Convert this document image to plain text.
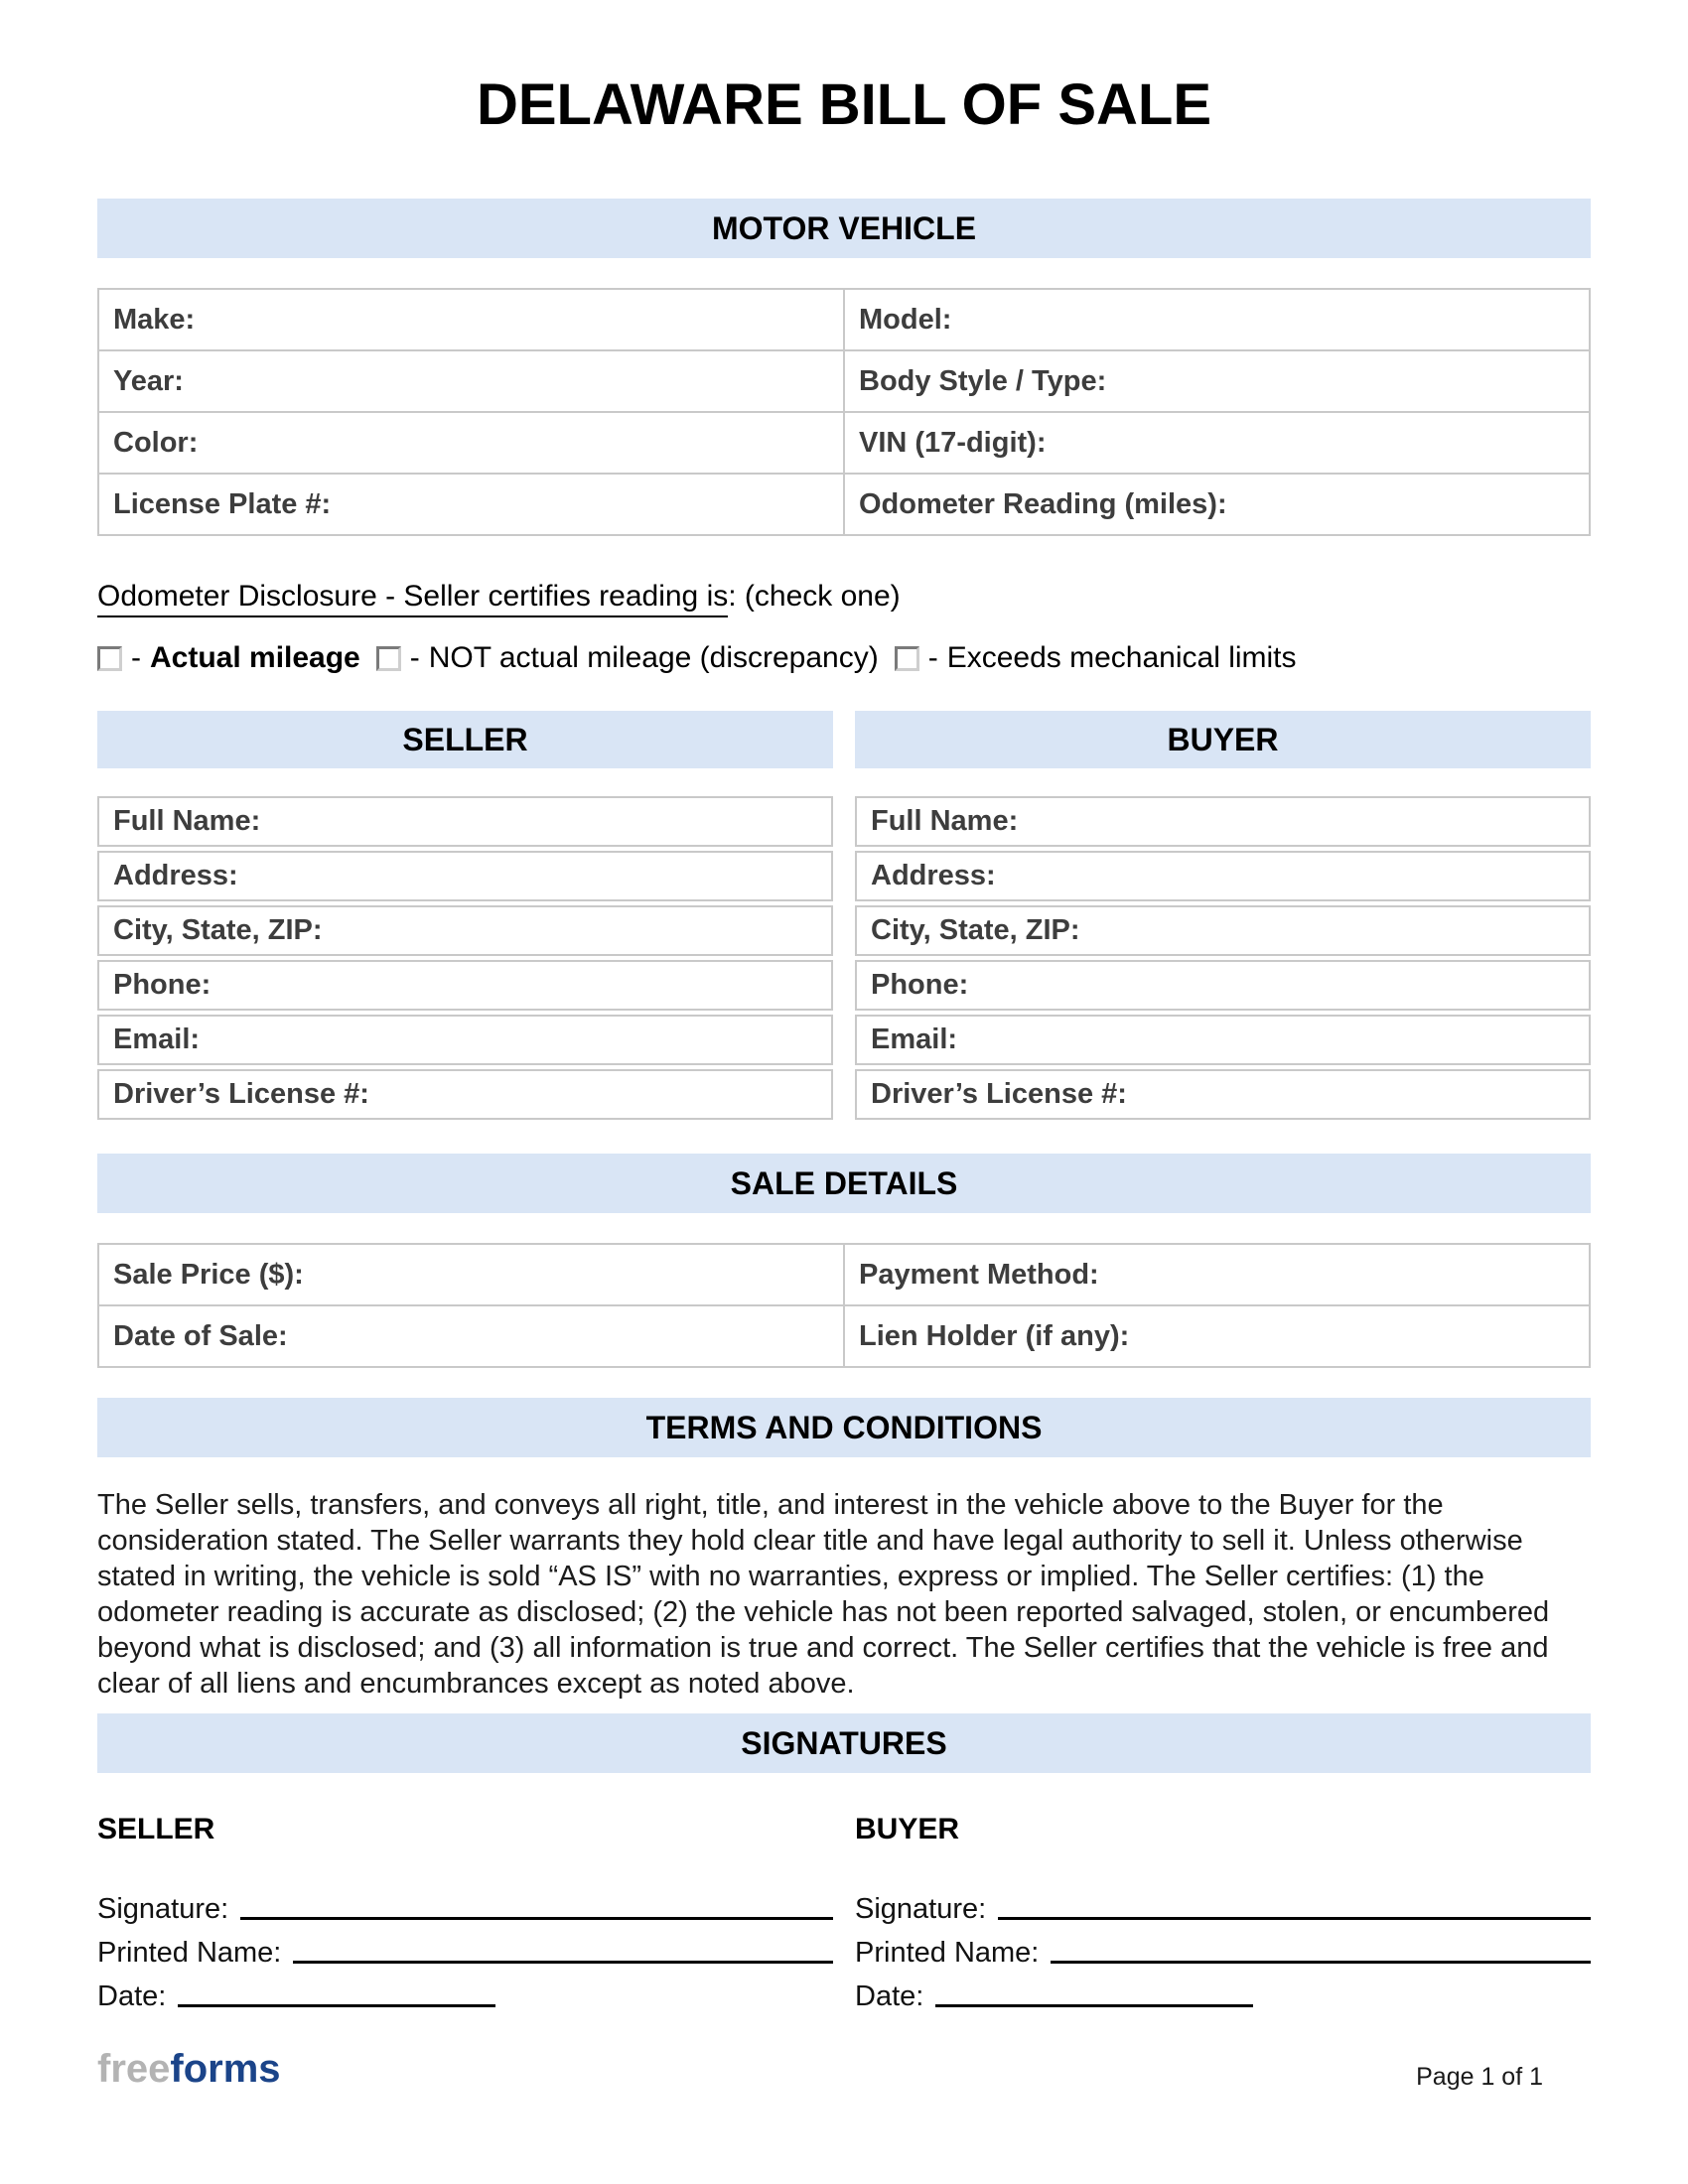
DELAWARE BILL OF SALE
MOTOR VEHICLE
Make:	Model:
Year:	Body Style / Type:
Color:	VIN (17-digit):
License Plate #:	Odometer Reading (miles):
Odometer Disclosure - Seller certifies reading is: (check one)
- Actual mileage - NOT actual mileage (discrepancy) - Exceeds mechanical limits
SELLER
Full Name:
Address:
City, State, ZIP:
Phone:
Email:
Driver’s License #:
BUYER
Full Name:
Address:
City, State, ZIP:
Phone:
Email:
Driver’s License #:
SALE DETAILS
Sale Price ($):	Payment Method:
Date of Sale:	Lien Holder (if any):
TERMS AND CONDITIONS

The Seller sells, transfers, and conveys all right, title, and interest in the vehicle above to the Buyer for the consideration stated. The Seller warrants they hold clear title and have legal authority to sell it. Unless otherwise stated in writing, the vehicle is sold “AS IS” with no warranties, express or implied. The Seller certifies: (1) the odometer reading is accurate as disclosed; (2) the vehicle has not been reported salvaged, stolen, or encumbered beyond what is disclosed; and (3) all information is true and correct. The Seller certifies that the vehicle is free and clear of all liens and encumbrances except as noted above.

SIGNATURES
SELLER
Signature:
Printed Name:
Date:
BUYER
Signature:
Printed Name:
Date:
freeforms	Page 1 of 1
